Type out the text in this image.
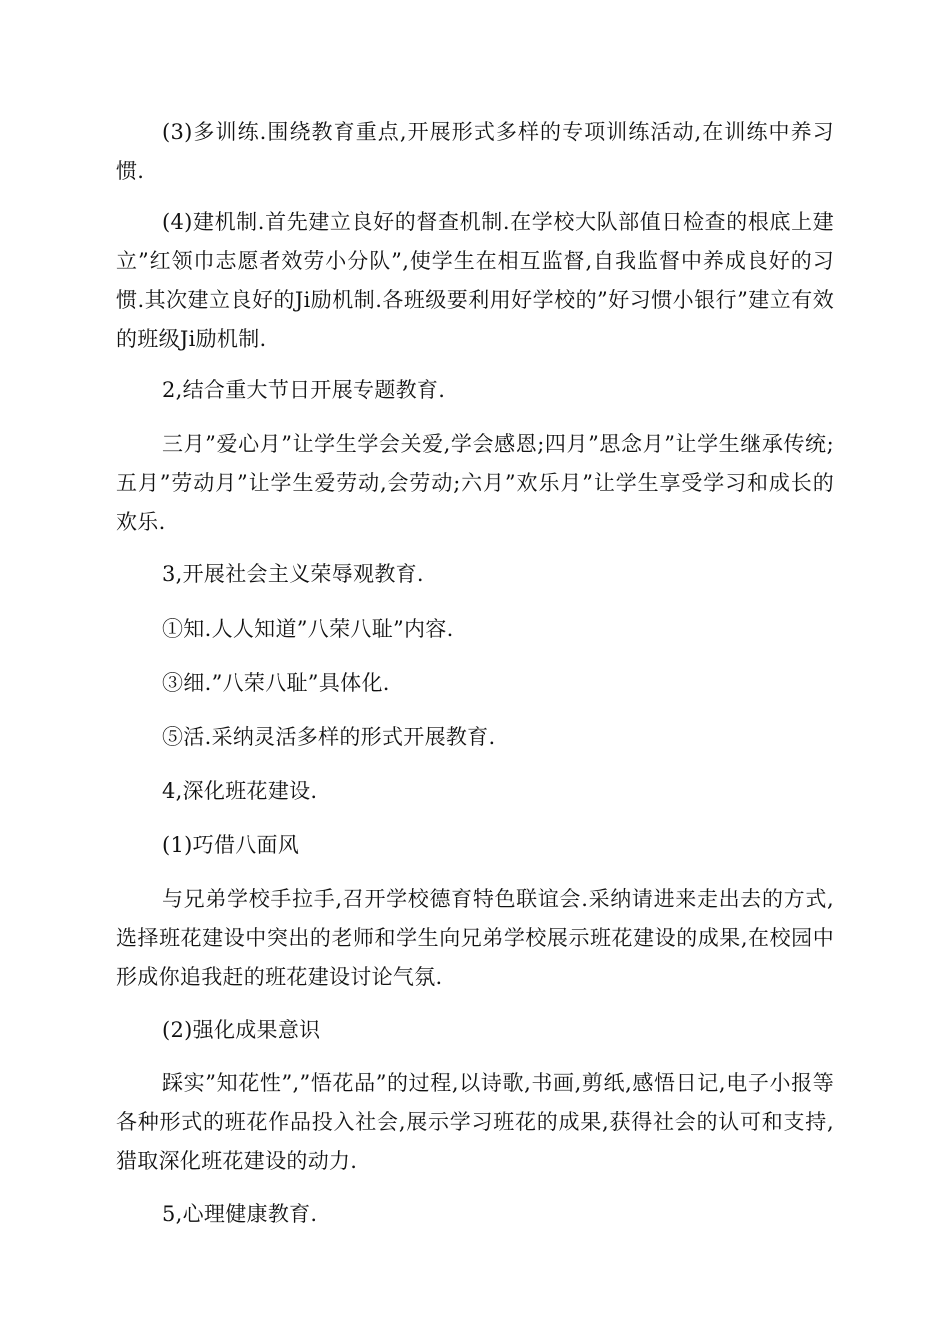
(3)多训练.围绕教育重点,开展形式多样的专项训练活动,在训练中养习惯.

(4)建机制.首先建立良好的督查机制.在学校大队部值日检查的根底上建立”红领巾志愿者效劳小分队”,使学生在相互监督,自我监督中养成良好的习惯.其次建立良好的Ji励机制.各班级要利用好学校的”好习惯小银行”建立有效的班级Ji励机制.

2,结合重大节日开展专题教育.

三月”爱心月”让学生学会关爱,学会感恩;四月”思念月”让学生继承传统;五月”劳动月”让学生爱劳动,会劳动;六月”欢乐月”让学生享受学习和成长的欢乐.

3,开展社会主义荣辱观教育.

①知.人人知道”八荣八耻”内容.

③细.”八荣八耻”具体化.

⑤活.采纳灵活多样的形式开展教育.

4,深化班花建设.

(1)巧借八面风

与兄弟学校手拉手,召开学校德育特色联谊会.采纳请进来走出去的方式,选择班花建设中突出的老师和学生向兄弟学校展示班花建设的成果,在校园中形成你追我赶的班花建设讨论气氛.

(2)强化成果意识

踩实”知花性”,”悟花品”的过程,以诗歌,书画,剪纸,感悟日记,电子小报等各种形式的班花作品投入社会,展示学习班花的成果,获得社会的认可和支持,猎取深化班花建设的动力.

5,心理健康教育.
